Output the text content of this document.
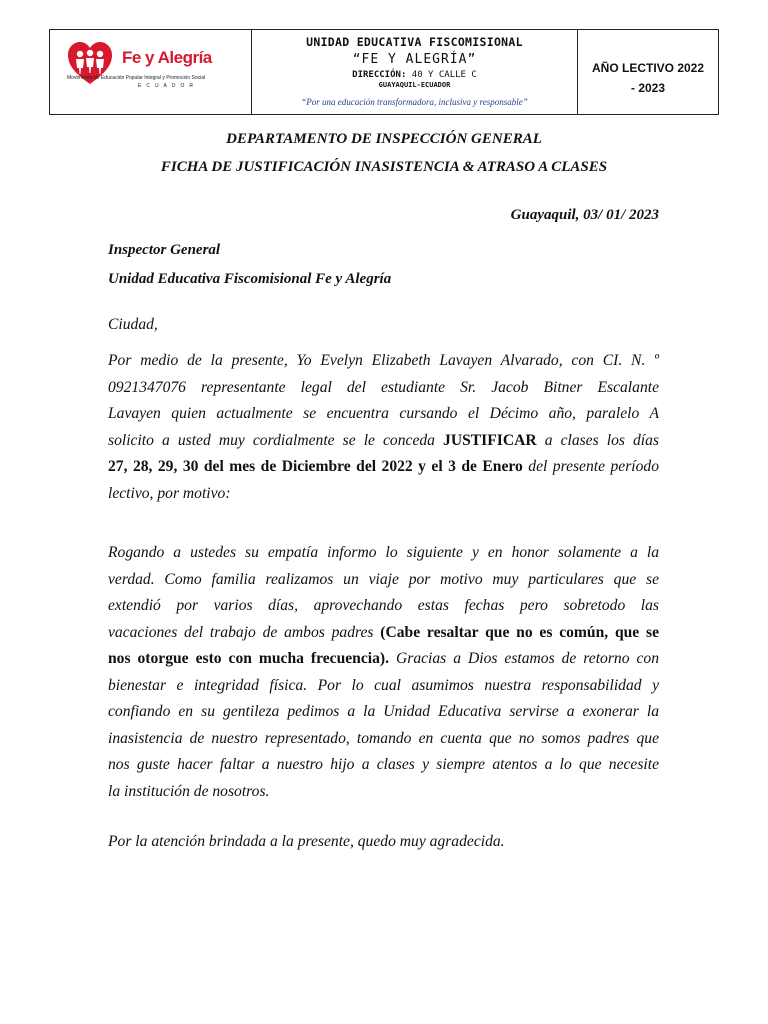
Fe y Alegría
Movimiento de Educación Popular Integral y Promoción Social
ECUADOR
UNIDAD EDUCATIVA FISCOMISIONAL
“FE Y ALEGRÍA”
DIRECCIÓN: 40 Y CALLE C
GUAYAQUIL-ECUADOR
“Por una educación transformadora, inclusiva y responsable”
AÑO LECTIVO 2022
- 2023
DEPARTAMENTO DE INSPECCIÓN GENERAL
FICHA DE JUSTIFICACIÓN INASISTENCIA & ATRASO A CLASES
Guayaquil, 03/ 01/ 2023
Inspector General
Unidad Educativa Fiscomisional Fe y Alegría
Ciudad,
Por medio de la presente, Yo Evelyn Elizabeth Lavayen Alvarado, con CI. N. º
0921347076 representante legal del estudiante Sr. Jacob Bitner Escalante
Lavayen quien actualmente se encuentra cursando el Décimo año, paralelo A
solicito a usted muy cordialmente se le conceda JUSTIFICAR a clases los días
27, 28, 29, 30 del mes de Diciembre del 2022 y el 3 de Enero del presente período
lectivo, por motivo:
Rogando a ustedes su empatía informo lo siguiente y en honor solamente a la
verdad. Como familia realizamos un viaje por motivo muy particulares que se
extendió por varios días, aprovechando estas fechas pero sobretodo las
vacaciones del trabajo de ambos padres (Cabe resaltar que no es común, que se
nos otorgue esto con mucha frecuencia). Gracias a Dios estamos de retorno con
bienestar e integridad física. Por lo cual asumimos nuestra responsabilidad y
confiando en su gentileza pedimos a la Unidad Educativa servirse a exonerar la
inasistencia de nuestro representado, tomando en cuenta que no somos padres que
nos guste hacer faltar a nuestro hijo a clases y siempre atentos a lo que necesite
la institución de nosotros.
Por la atención brindada a la presente, quedo muy agradecida.
